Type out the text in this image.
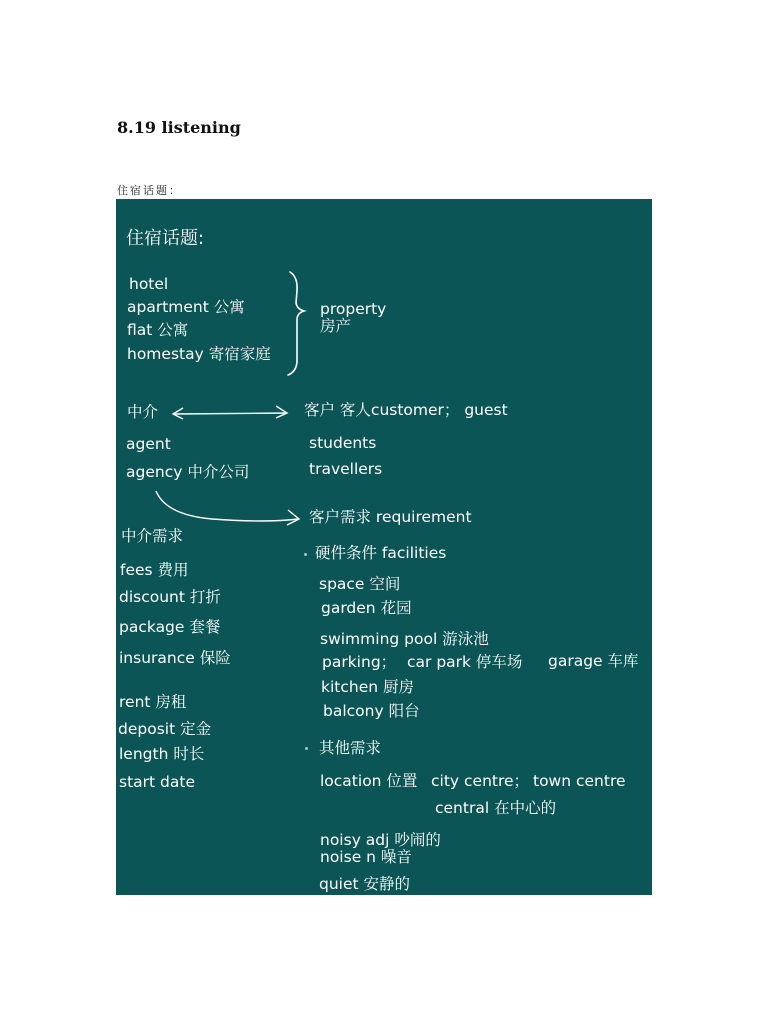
8.19 listening
住宿话题：
住宿话题:
hotel
apartment 公寓
flat 公寓
homestay 寄宿家庭
property
房产
中介
agent
agency 中介公司
客户 客人customer； guest
students
travellers
客户需求 requirement
中介需求
fees 费用
discount 打折
package 套餐
insurance 保险
rent 房租
deposit 定金
length 时长
start date
硬件条件 facilities
space 空间
garden 花园
swimming pool 游泳池
parking； car park 停车场 garage 车库
kitchen 厨房
balcony 阳台
其他需求
location 位置 city centre； town centre
central 在中心的
noisy adj 吵闹的
noise n 噪音
quiet 安静的
